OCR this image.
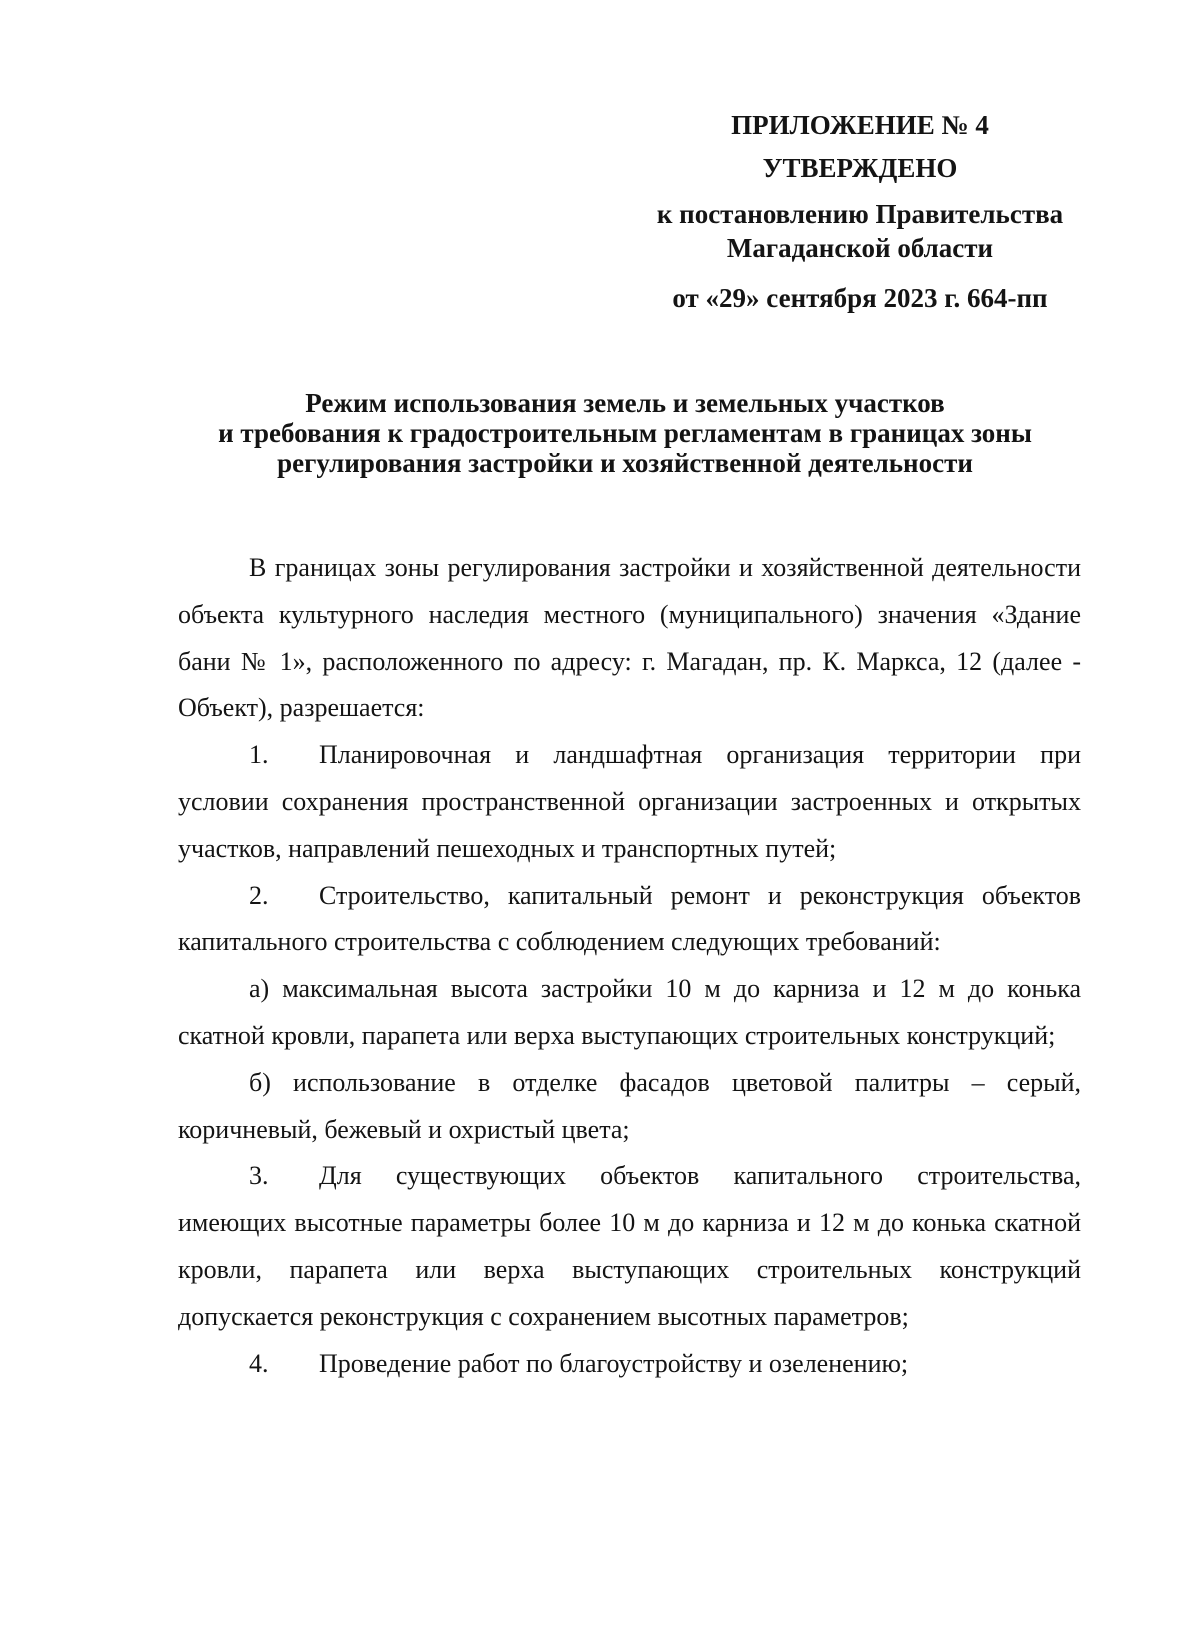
ПРИЛОЖЕНИЕ № 4
УТВЕРЖДЕНО
к постановлению Правительства
Магаданской области
от «29» сентября 2023 г. 664-пп
Режим использования земель и земельных участков
и требования к градостроительным регламентам в границах зоны
регулирования застройки и хозяйственной деятельности

В границах зоны регулирования застройки и хозяйственной деятельности объекта культурного наследия местного (муниципального) значения «Здание бани № 1», расположенного по адресу: г. Магадан, пр. К. Маркса, 12 (далее - Объект), разрешается:

1. Планировочная и ландшафтная организация территории при условии сохранения пространственной организации застроенных и открытых участков, направлений пешеходных и транспортных путей;

2. Строительство, капитальный ремонт и реконструкция объектов капитального строительства с соблюдением следующих требований:

а) максимальная высота застройки 10 м до карниза и 12 м до конька скатной кровли, парапета или верха выступающих строительных конструкций;

б) использование в отделке фасадов цветовой палитры – серый, коричневый, бежевый и охристый цвета;

3. Для существующих объектов капитального строительства, имеющих высотные параметры более 10 м до карниза и 12 м до конька скатной кровли, парапета или верха выступающих строительных конструкций допускается реконструкция с сохранением высотных параметров;

4. Проведение работ по благоустройству и озеленению;
